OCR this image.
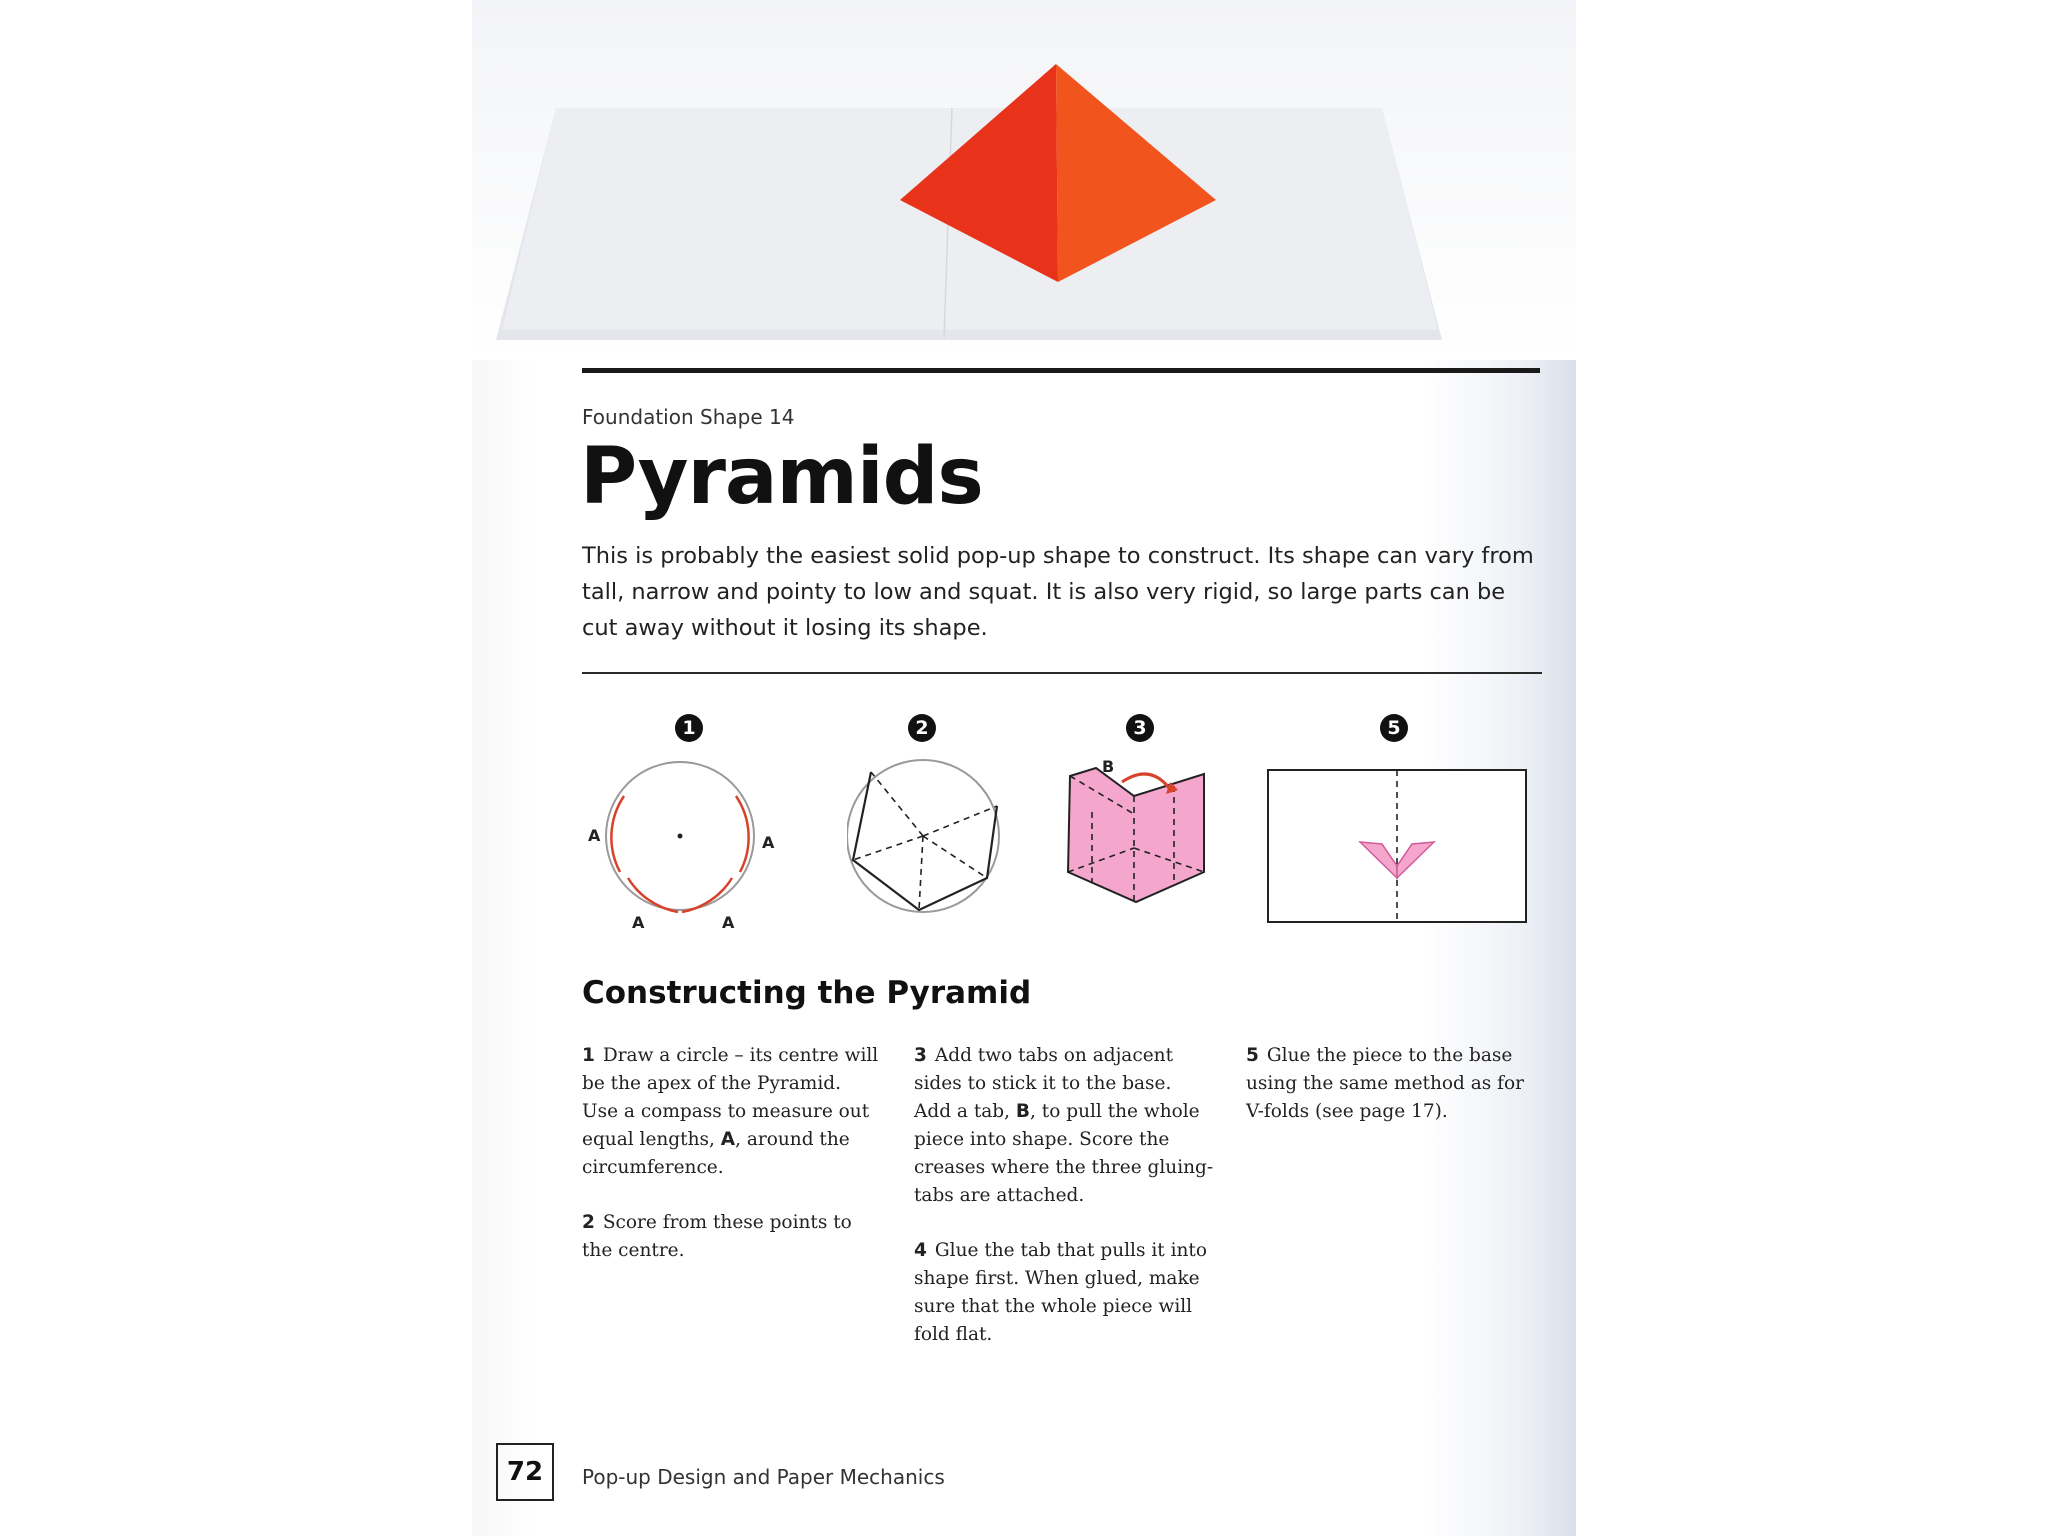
Foundation Shape 14
Pyramids
This is probably the easiest solid pop-up shape to construct. Its shape can vary from tall, narrow and pointy to low and squat. It is also very rigid, so large parts can be cut away without it losing its shape.
1
A	A
A	A
2	3
B
5
Constructing the Pyramid

1 Draw a circle – its centre will be the apex of the Pyramid. Use a compass to measure out equal lengths, A, around the circumference.

2 Score from these points to the centre.

3 Add two tabs on adjacent sides to stick it to the base. Add a tab, B, to pull the whole piece into shape. Score the creases where the three gluing-tabs are attached.

4 Glue the tab that pulls it into shape first. When glued, make sure that the whole piece will fold flat.

5 Glue the piece to the base using the same method as for V-folds (see page 17).

72	Pop-up Design and Paper Mechanics
